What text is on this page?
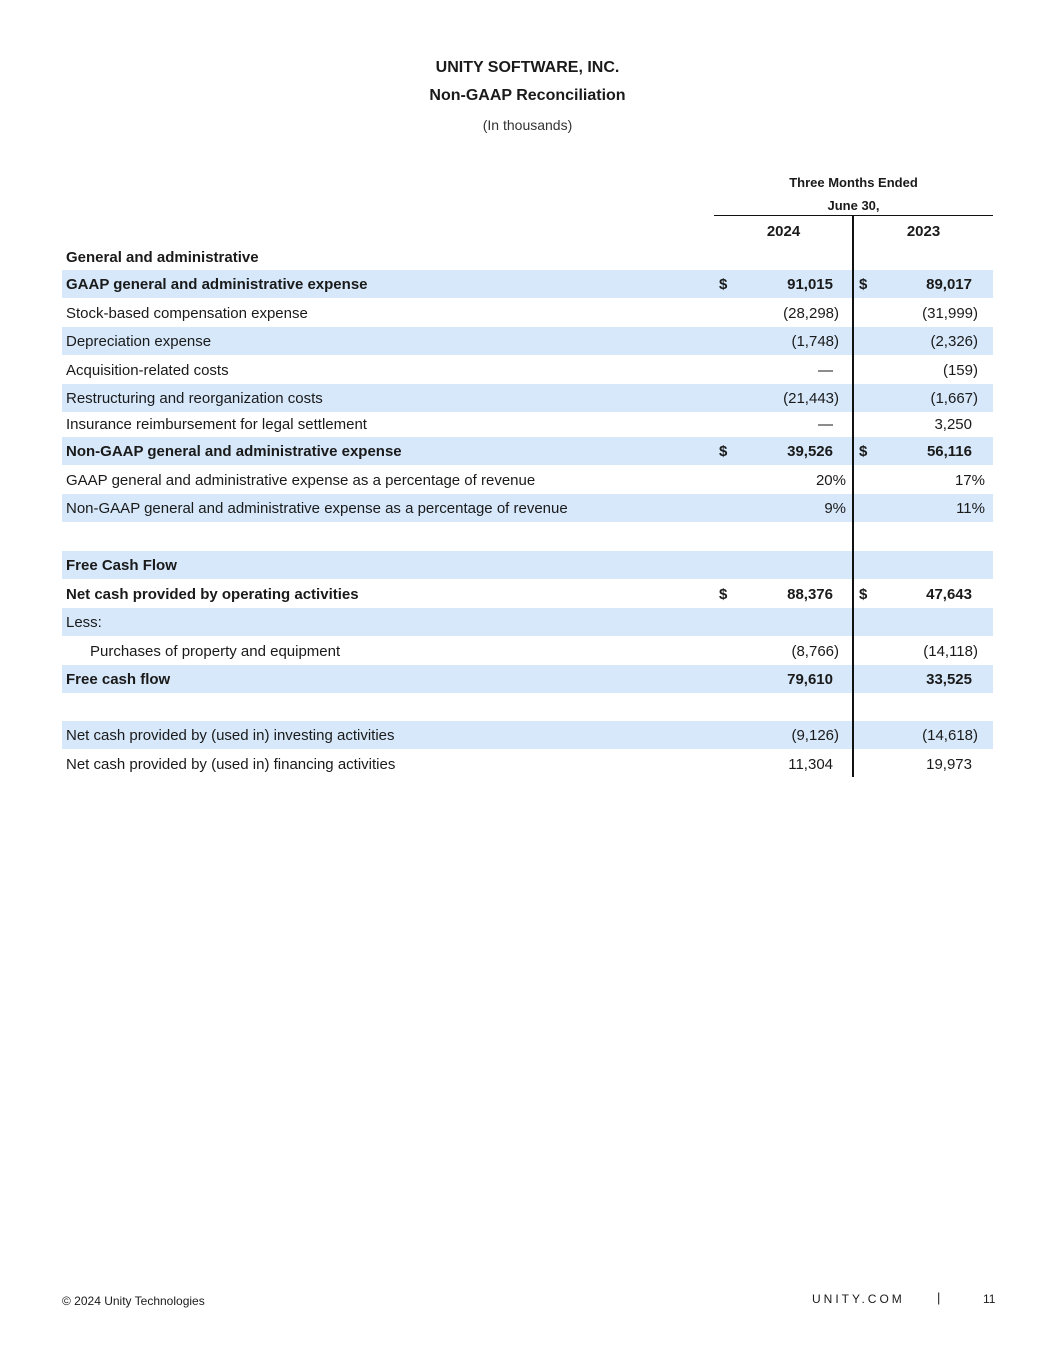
UNITY SOFTWARE, INC.
Non-GAAP Reconciliation
(In thousands)
Three Months Ended
June 30,
2024	2023
General and administrative
GAAP general and administrative expense	$	91,015 $	89,017
Stock-based compensation expense	(28,298)	(31,999)
Depreciation expense	(1,748)	(2,326)
Acquisition-related costs	—	(159)
Restructuring and reorganization costs	(21,443)	(1,667)
Insurance reimbursement for legal settlement	—	3,250
Non-GAAP general and administrative expense	$	39,526 $	56,116
GAAP general and administrative expense as a percentage of revenue	20%	17%
Non-GAAP general and administrative expense as a percentage of revenue	9%	11%
Free Cash Flow
Net cash provided by operating activities	$	88,376 $	47,643
Less:
Purchases of property and equipment	(8,766)	(14,118)
Free cash flow	79,610	33,525
Net cash provided by (used in) investing activities	(9,126)	(14,618)
Net cash provided by (used in) financing activities	11,304	19,973
© 2024 Unity Technologies	UNITY.COM |	11
